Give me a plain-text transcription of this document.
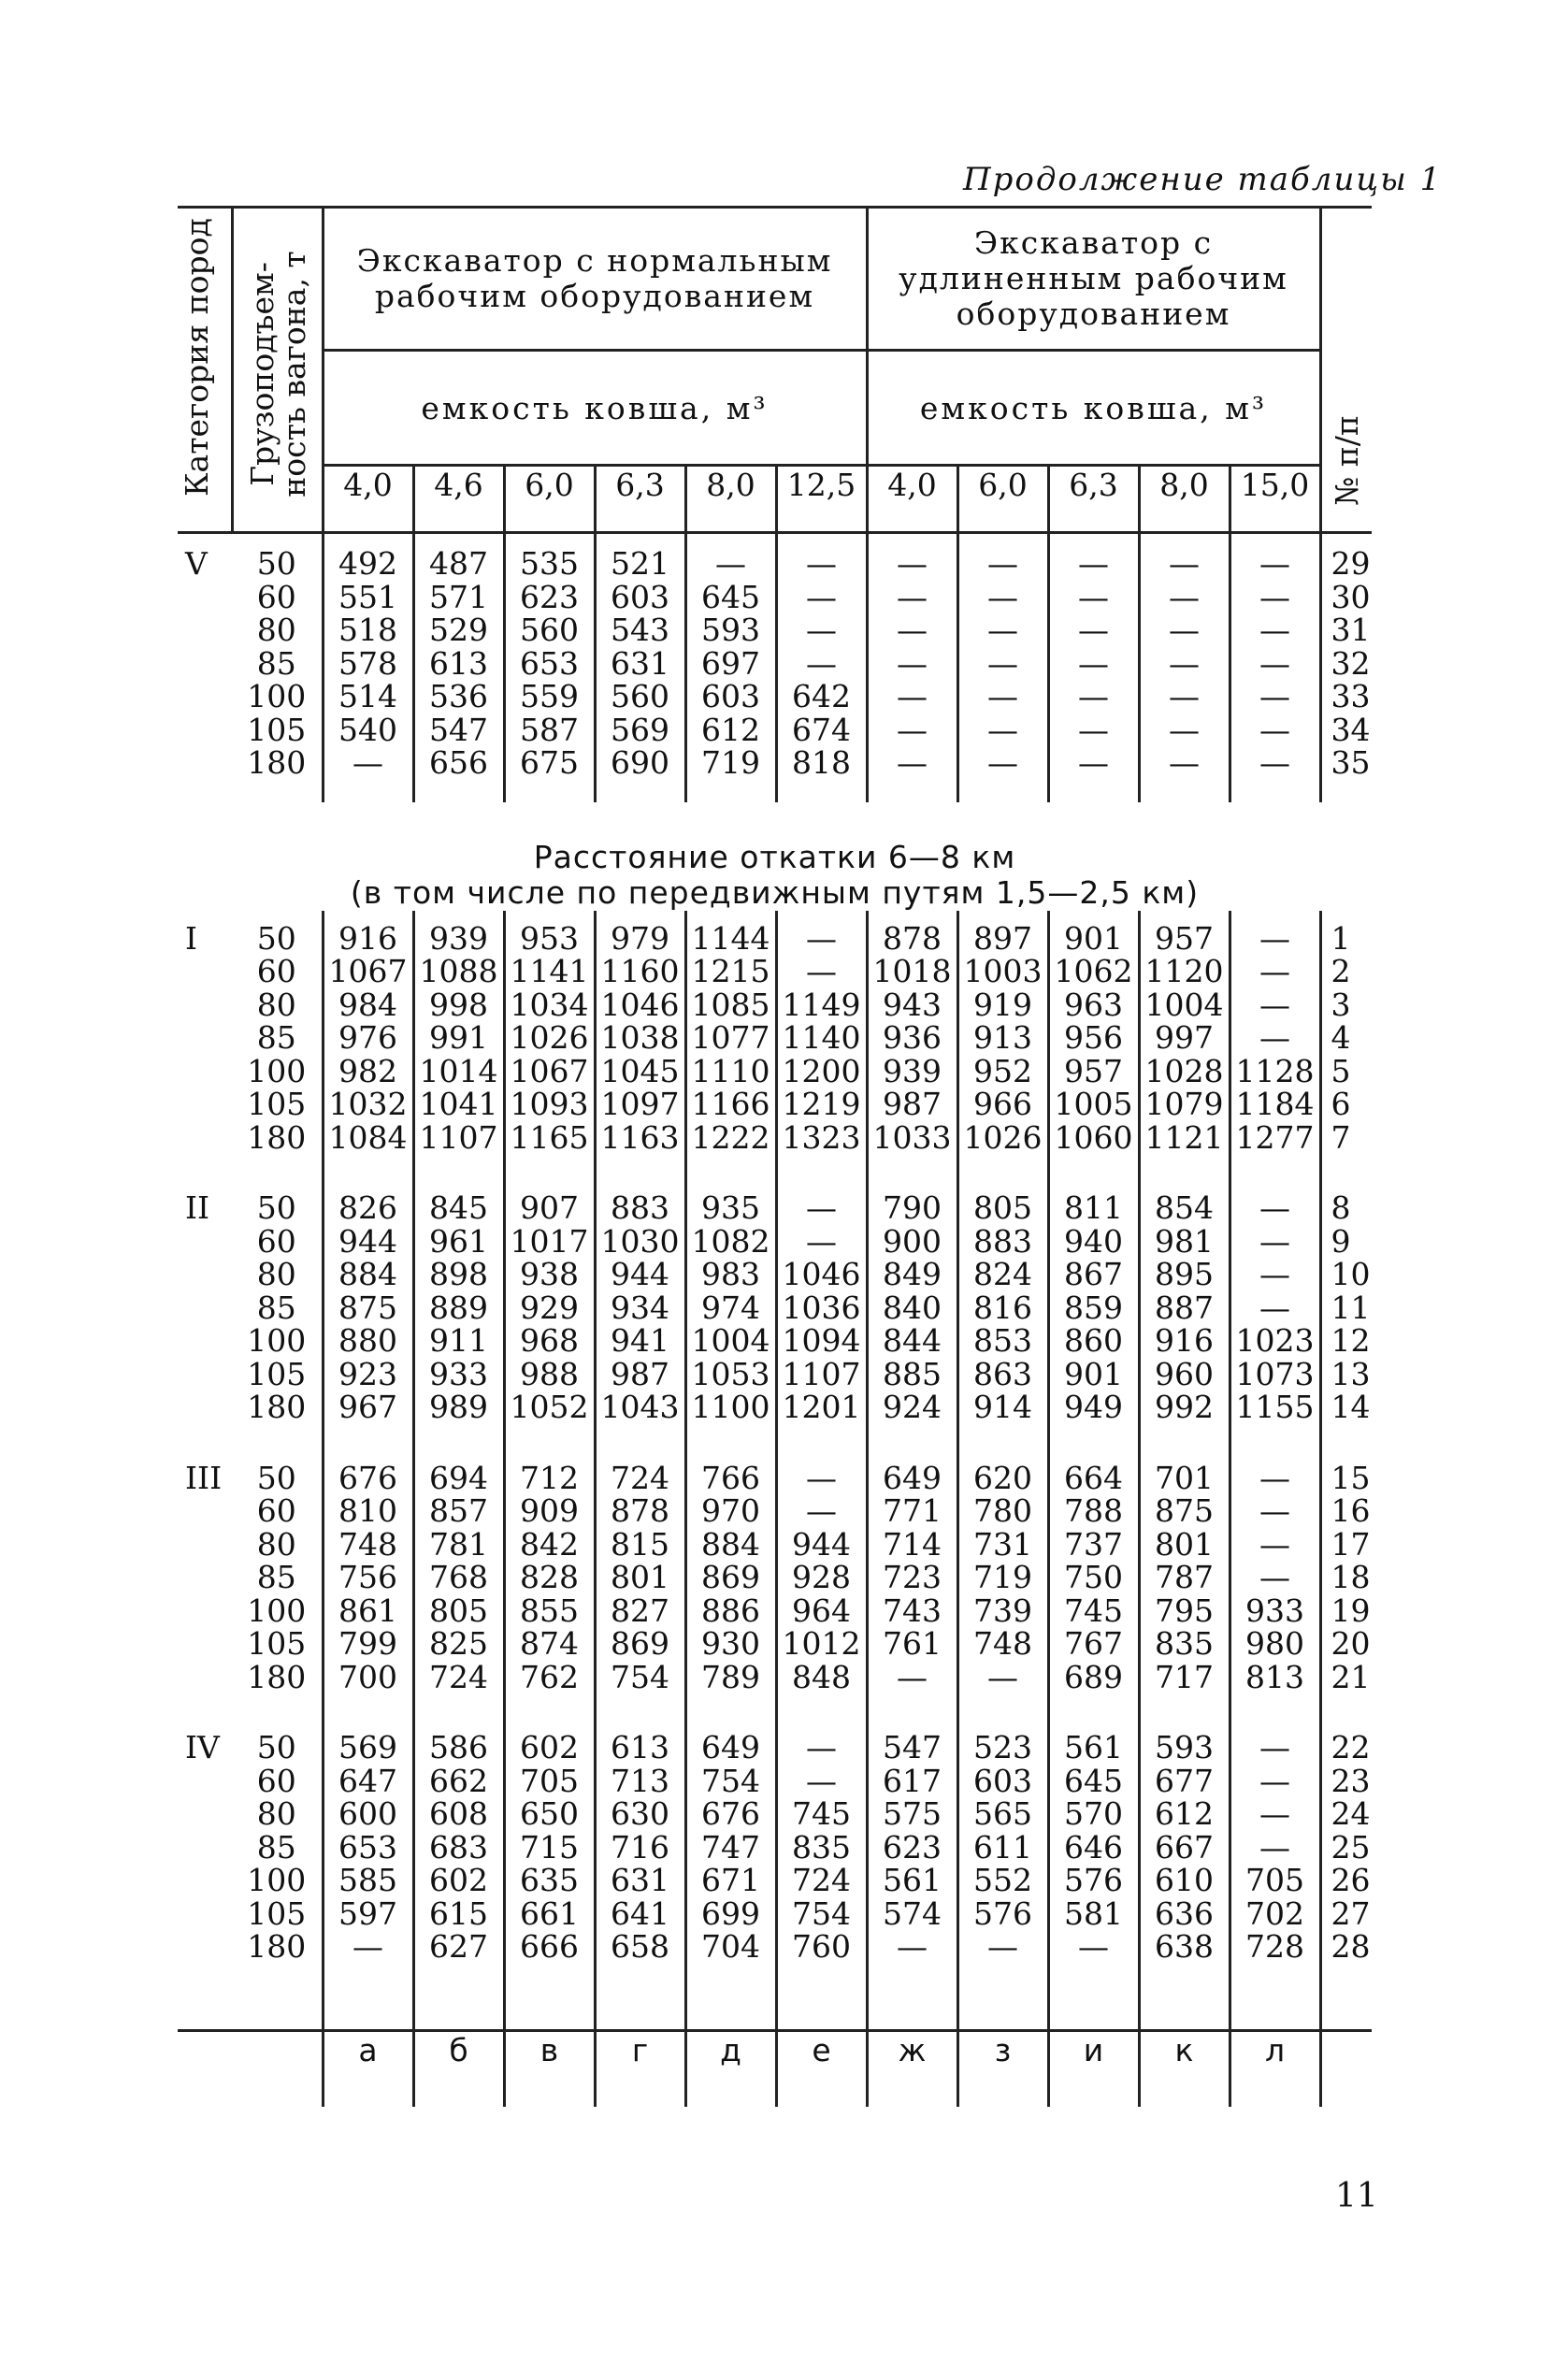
Продолжение таблицы 1
Категория пород	Грузоподъем-ность вагона, т	Экскаватор с нормальным рабочим оборудованием						Экскаватор с удлиненным рабочим оборудованием					№ п/п

		емкость ковша, м³						емкость ковша, м³					
		4,0	4,6	6,0	6,3	8,0	12,5	4,0	6,0	6,3	8,0	15,0	

V	50	492	487	535	521	—	—	—	—	—	—	—	29
	60	551	571	623	603	645	—	—	—	—	—	—	30
	80	518	529	560	543	593	—	—	—	—	—	—	31
	85	578	613	653	631	697	—	—	—	—	—	—	32
	100	514	536	559	560	603	642	—	—	—	—	—	33
	105	540	547	587	569	612	674	—	—	—	—	—	34
	180	—	656	675	690	719	818	—	—	—	—	—	35

Расстояние откатки 6—8 км													
(в том числе по передвижным путям 1,5—2,5 км)													

I	50	916	939	953	979	1144	—	878	897	901	957	—	1
	60	1067	1088	1141	1160	1215	—	1018	1003	1062	1120	—	2
	80	984	998	1034	1046	1085	1149	943	919	963	1004	—	3
	85	976	991	1026	1038	1077	1140	936	913	956	997	—	4
	100	982	1014	1067	1045	1110	1200	939	952	957	1028	1128	5
	105	1032	1041	1093	1097	1166	1219	987	966	1005	1079	1184	6
	180	1084	1107	1165	1163	1222	1323	1033	1026	1060	1121	1277	7

II	50	826	845	907	883	935	—	790	805	811	854	—	8
	60	944	961	1017	1030	1082	—	900	883	940	981	—	9
	80	884	898	938	944	983	1046	849	824	867	895	—	10
	85	875	889	929	934	974	1036	840	816	859	887	—	11
	100	880	911	968	941	1004	1094	844	853	860	916	1023	12
	105	923	933	988	987	1053	1107	885	863	901	960	1073	13
	180	967	989	1052	1043	1100	1201	924	914	949	992	1155	14

III	50	676	694	712	724	766	—	649	620	664	701	—	15
	60	810	857	909	878	970	—	771	780	788	875	—	16
	80	748	781	842	815	884	944	714	731	737	801	—	17
	85	756	768	828	801	869	928	723	719	750	787	—	18
	100	861	805	855	827	886	964	743	739	745	795	933	19
	105	799	825	874	869	930	1012	761	748	767	835	980	20
	180	700	724	762	754	789	848	—	—	689	717	813	21

IV	50	569	586	602	613	649	—	547	523	561	593	—	22
	60	647	662	705	713	754	—	617	603	645	677	—	23
	80	600	608	650	630	676	745	575	565	570	612	—	24
	85	653	683	715	716	747	835	623	611	646	667	—	25
	100	585	602	635	631	671	724	561	552	576	610	705	26
	105	597	615	661	641	699	754	574	576	581	636	702	27
	180	—	627	666	658	704	760	—	—	—	638	728	28

		а	б	в	г	д	е	ж	з	и	к	л	
11
